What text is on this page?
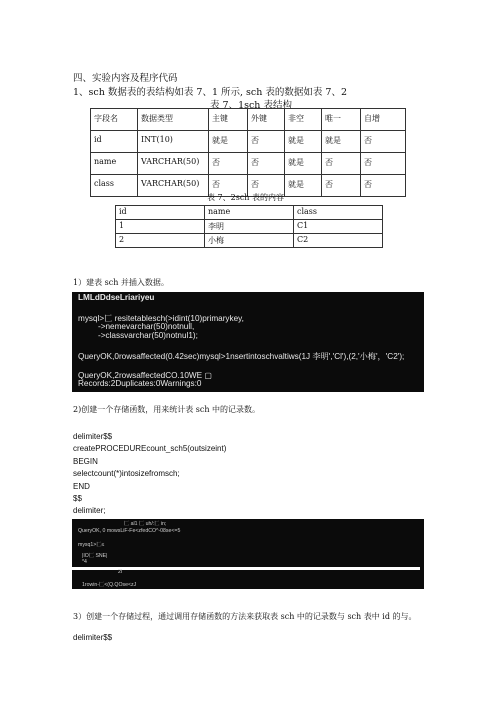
四、实验内容及程序代码
1、sch 数据表的表结构如表 7、1 所示, sch 表的数据如表 7、2
表 7、1sch 表结构
字段名	数据类型	主键	外键	非空	唯一	自增
id	INT(10)	就是	否	就是	就是	否
name	VARCHAR(50)	否	否	就是	否	否
class	VARCHAR(50)	否	否	就是	否	否
表 7、2sch 表的内容
id	name	class
1	李明	C1
2	小梅	C2
1）建表 sch 并插入数据。
LMLdDdseLriariyeu
mysql>匚 resitetablesch(>idint(10)primarykey,
->nemevarchar(50)notnull,
->classvarchar(50)notnul1);
QueryOK,0rowsaffected(0.42sec)mysql>1nsertintoschvaltiws(1J 李明','Cl'),(2,'小梅'，'C2');
QueryOK,2rowsaffectedCO.10WE ▢
Records:2Duplicates:0Warnings:0
2)创建一个存储函数，用来统计表 sch 中的记录数。
delimiter$$
createPROCEDUREcount_sch5(outsizeint)
BEGIN
selectcount(*)intosizefromsch;
END
$$
delimiter;
匚 al1 匚 uh/:匚 in;
QueryOK, 0 mowsLiF-Fe<zfedCO^-08se<=5
mysq1>匚≤
|IO匚 SNE|
*4
2l
1rowin-匚<(Q.QOse<zJ
3）创建一个存储过程，通过调用存储函数的方法来获取表 sch 中的记录数与 sch 表中 id 的与。
delimiter$$
